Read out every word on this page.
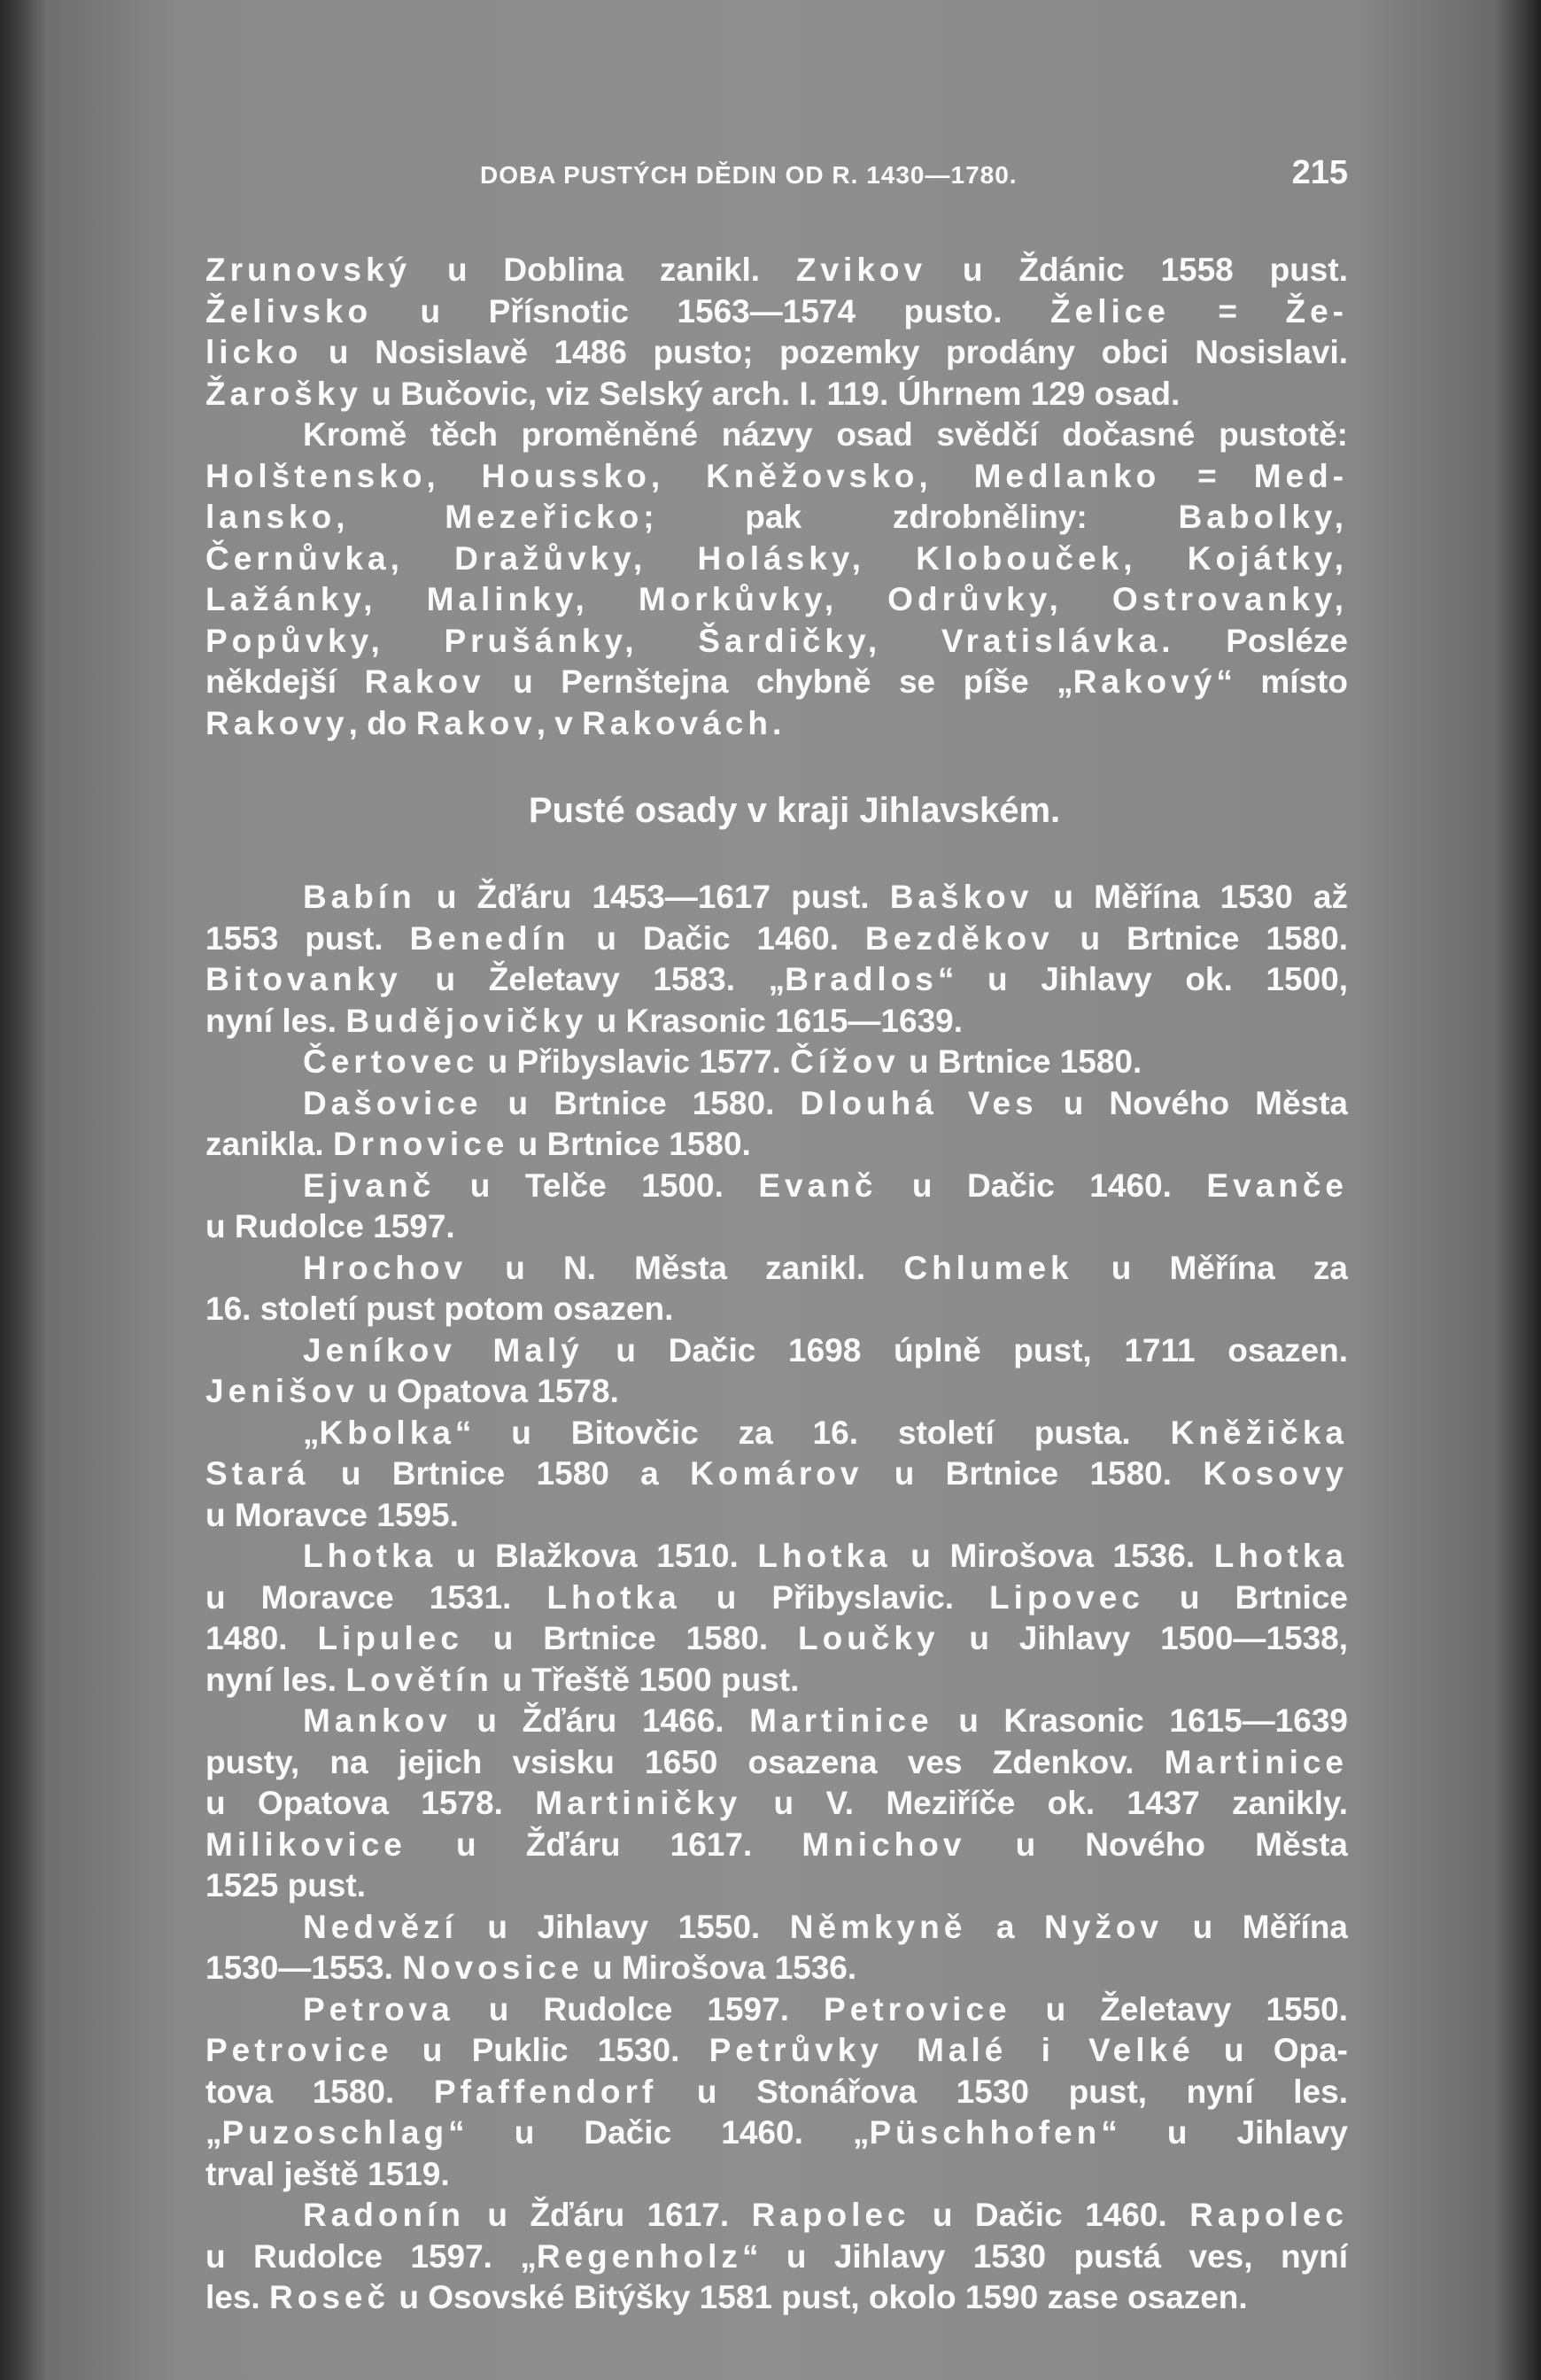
DOBA PUSTÝCH DĚDIN OD R. 1430—1780.	215
Zrunovský u Doblina zanikl. Zvikov u Ždánic 1558 pust.
Želivsko u Přísnotic 1563—1574 pusto. Želice = Že-
licko u Nosislavě 1486 pusto; pozemky prodány obci Nosislavi.
Žarošky u Bučovic, viz Selský arch. I. 119. Úhrnem 129 osad.
Kromě těch proměněné názvy osad svědčí dočasné pustotě:
Holštensko, Houssko, Kněžovsko, Medlanko = Med-
lansko, Mezeřicko; pak zdrobněliny: Babolky,
Černůvka, Dražůvky, Holásky, Klobouček, Kojátky,
Lažánky, Malinky, Morkůvky, Odrůvky, Ostrovanky,
Popůvky, Prušánky, Šardičky, Vratislávka. Posléze
někdejší Rakov u Pernštejna chybně se píše „Rakový“ místo
Rakovy, do Rakov, v Rakovách.
Pusté osady v kraji Jihlavském.
Babín u Žďáru 1453—1617 pust. Baškov u Měřína 1530 až
1553 pust. Benedín u Dačic 1460. Bezděkov u Brtnice 1580.
Bitovanky u Želetavy 1583. „Bradlos“ u Jihlavy ok. 1500,
nyní les. Budějovičky u Krasonic 1615—1639.
Čertovec u Přibyslavic 1577. Čížov u Brtnice 1580.
Dašovice u Brtnice 1580. Dlouhá Ves u Nového Města
zanikla. Drnovice u Brtnice 1580.
Ejvanč u Telče 1500. Evanč u Dačic 1460. Evanče
u Rudolce 1597.
Hrochov u N. Města zanikl. Chlumek u Měřína za
16. století pust potom osazen.
Jeníkov Malý u Dačic 1698 úplně pust, 1711 osazen.
Jenišov u Opatova 1578.
„Kbolka“ u Bitovčic za 16. století pusta. Kněžička
Stará u Brtnice 1580 a Komárov u Brtnice 1580. Kosovy
u Moravce 1595.
Lhotka u Blažkova 1510. Lhotka u Mirošova 1536. Lhotka
u Moravce 1531. Lhotka u Přibyslavic. Lipovec u Brtnice
1480. Lipulec u Brtnice 1580. Loučky u Jihlavy 1500—1538,
nyní les. Lovětín u Třeště 1500 pust.
Mankov u Žďáru 1466. Martinice u Krasonic 1615—1639
pusty, na jejich vsisku 1650 osazena ves Zdenkov. Martinice
u Opatova 1578. Martiničky u V. Meziříče ok. 1437 zanikly.
Milikovice u Žďáru 1617. Mnichov u Nového Města
1525 pust.
Nedvězí u Jihlavy 1550. Němkyně a Nyžov u Měřína
1530—1553. Novosice u Mirošova 1536.
Petrova u Rudolce 1597. Petrovice u Želetavy 1550.
Petrovice u Puklic 1530. Petrůvky Malé i Velké u Opa-
tova 1580. Pfaffendorf u Stonářova 1530 pust, nyní les.
„Puzoschlag“ u Dačic 1460. „Püschhofen“ u Jihlavy
trval ještě 1519.
Radonín u Žďáru 1617. Rapolec u Dačic 1460. Rapolec
u Rudolce 1597. „Regenholz“ u Jihlavy 1530 pustá ves, nyní
les. Roseč u Osovské Bitýšky 1581 pust, okolo 1590 zase osazen.
